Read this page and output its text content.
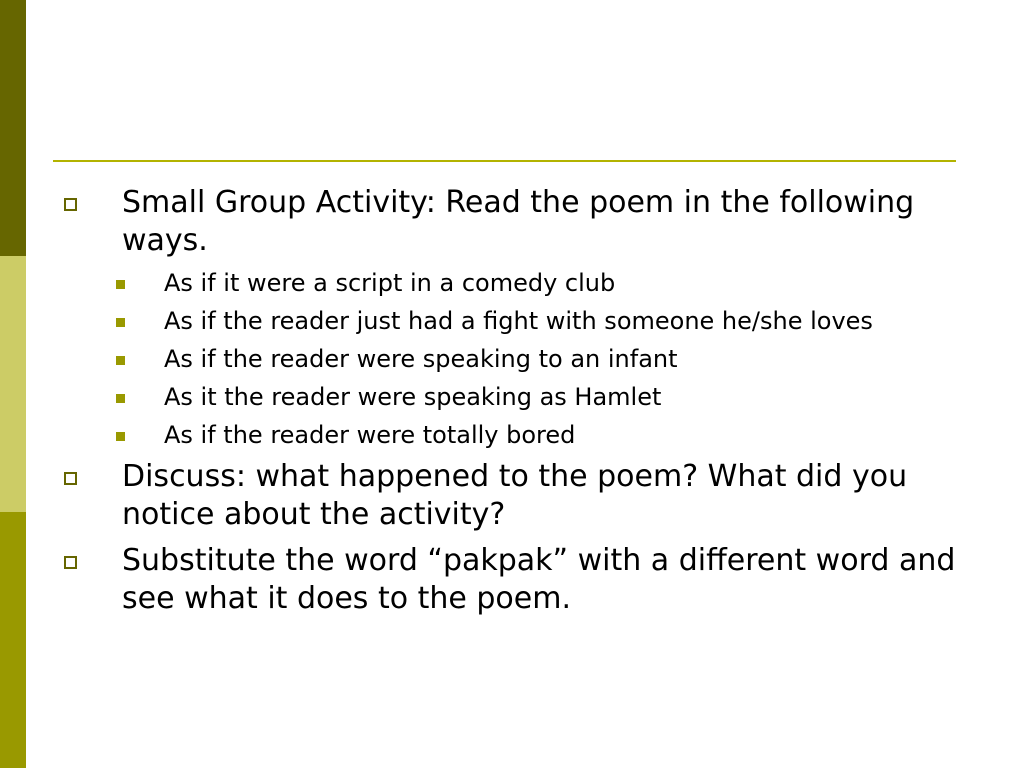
Small Group Activity: Read the poem in the following ways.
As if it were a script in a comedy club
As if the reader just had a fight with someone he/she loves
As if the reader were speaking to an infant
As it the reader were speaking as Hamlet
As if the reader were totally bored
Discuss: what happened to the poem? What did you notice about the activity?
Substitute the word “pakpak” with a different word and see what it does to the poem.
